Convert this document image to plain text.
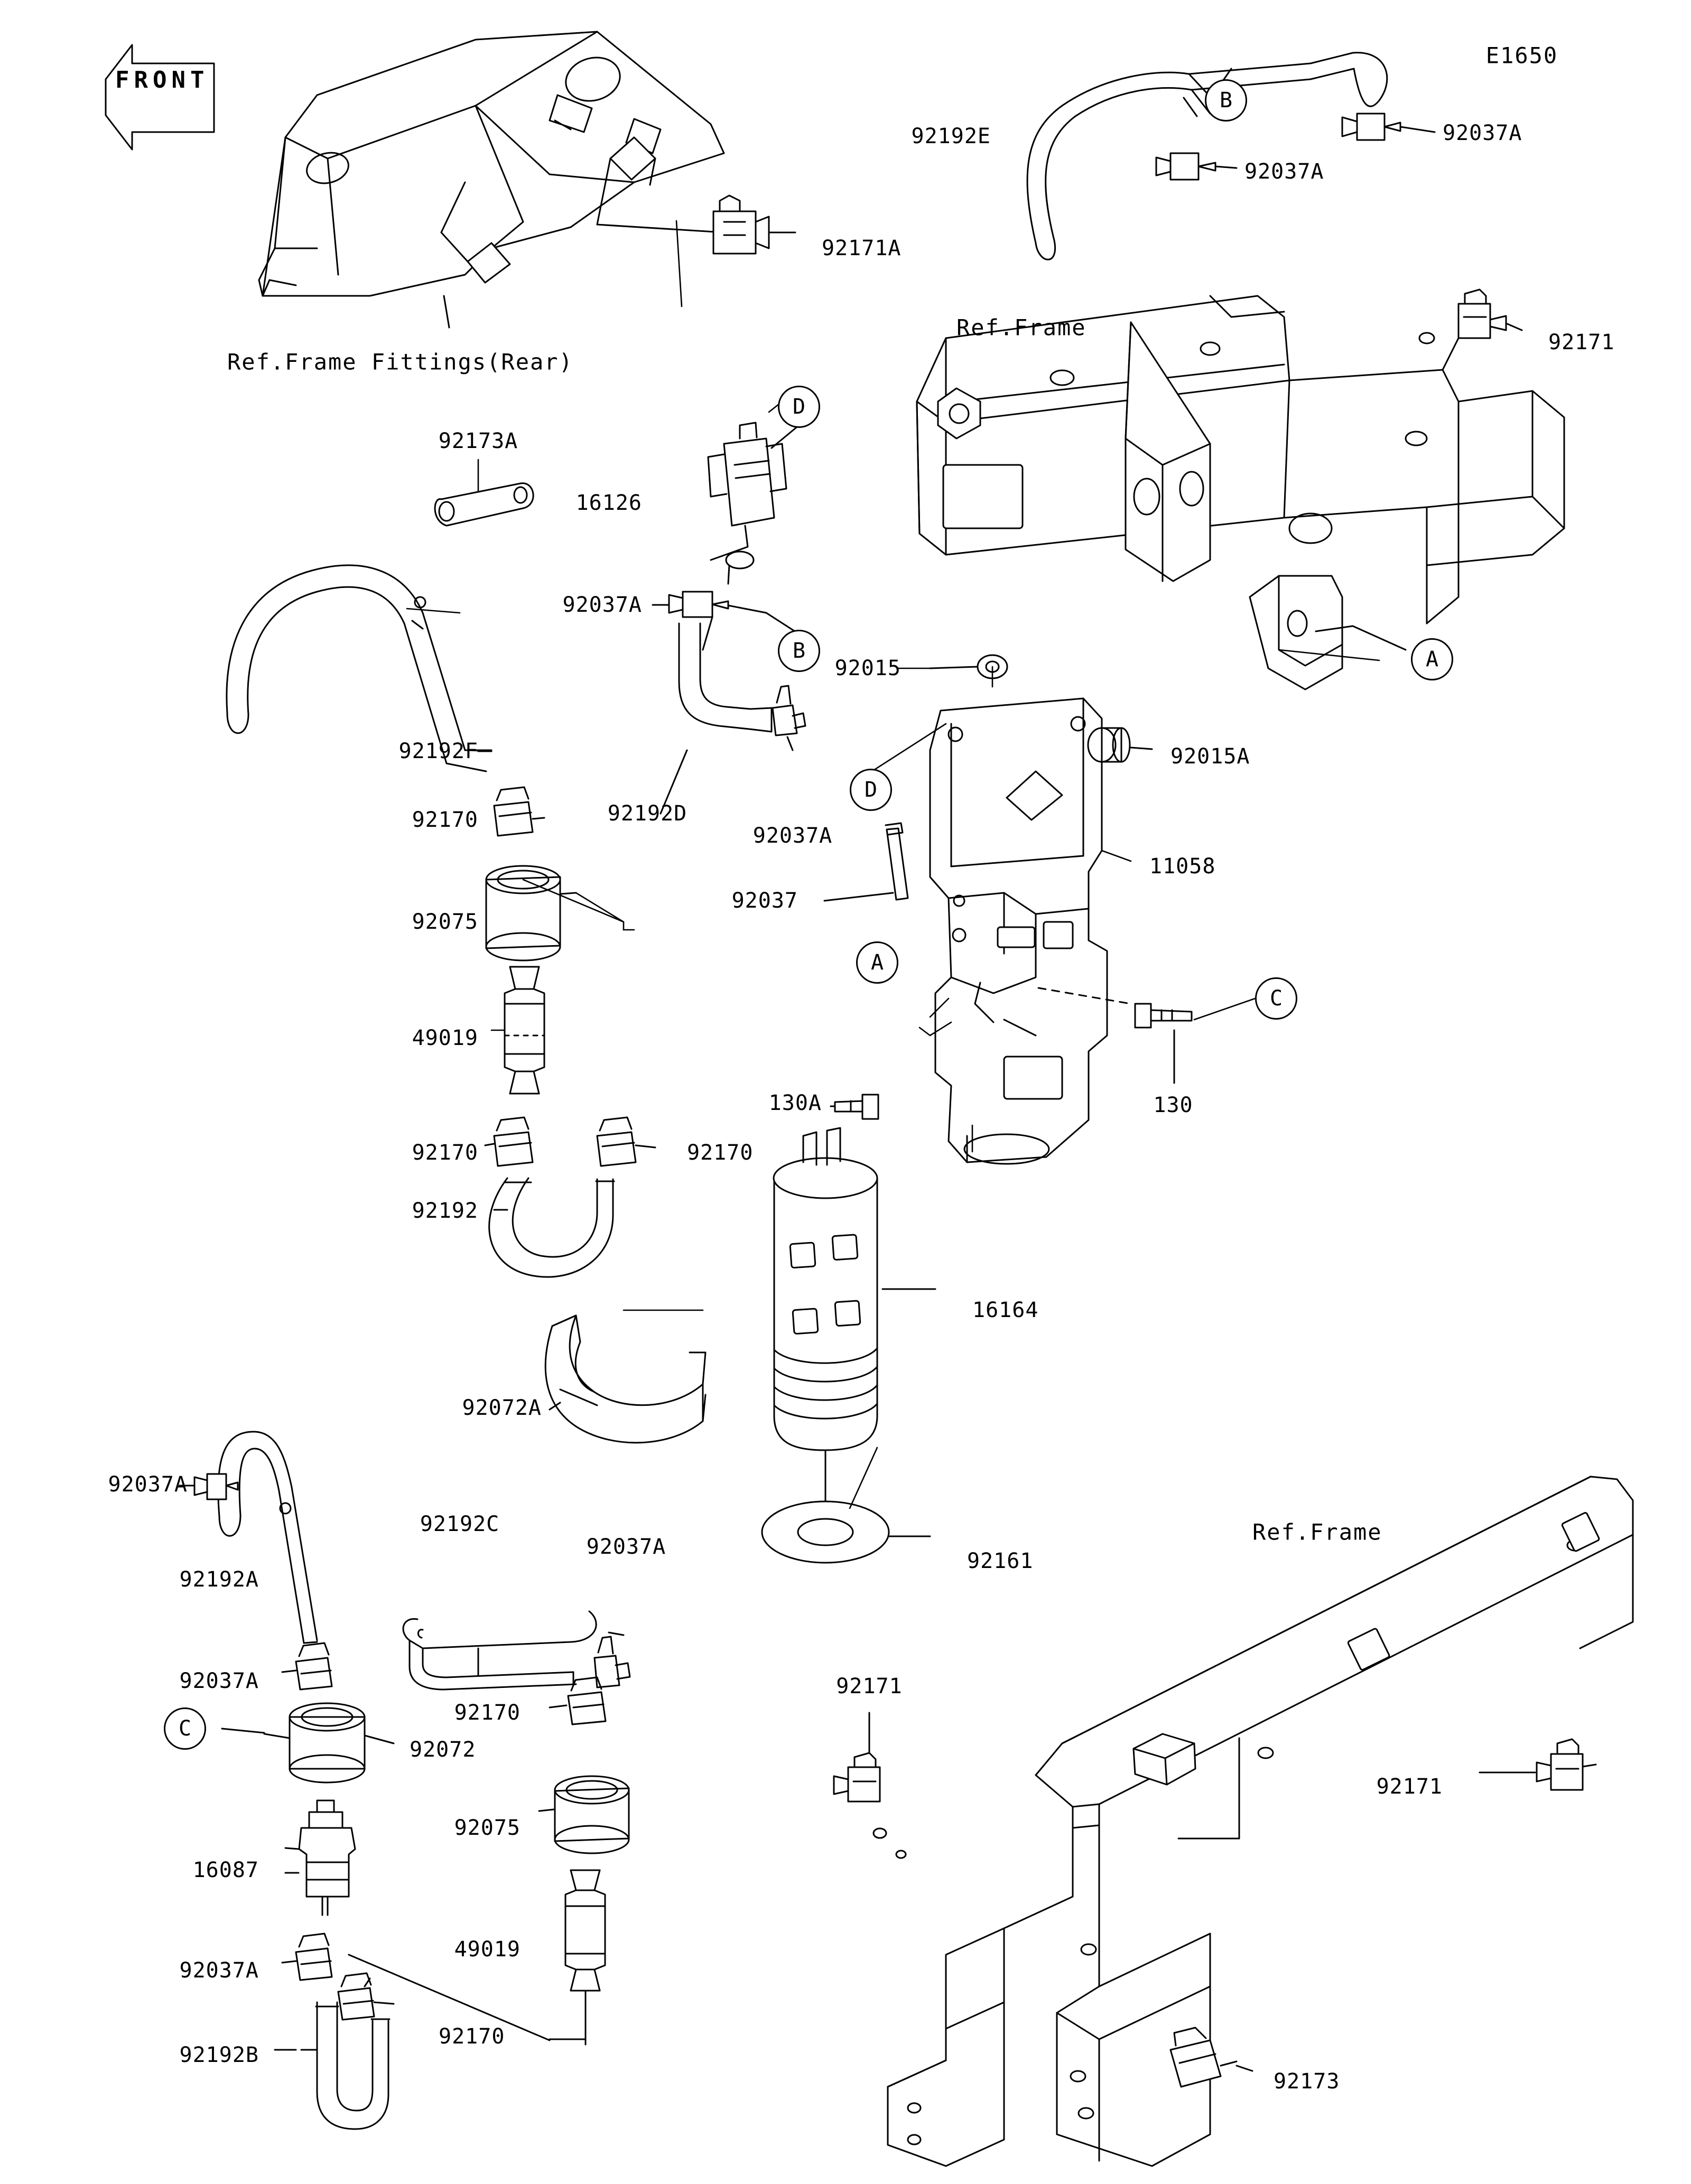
E1650
FRONT
Ref.Frame Fittings(Rear)
Ref.Frame
Ref.Frame
92171A
92192E	92037A
92037A
92171
92173A
16126
92037A
92015
92015A
92192F
92192D
92037A
92170
92075
11058
92037
49019
130A	130
92170	92170
92192
16164
92072A
92161
92037A
92192A
92192C
92037A
92037A
92170
92072
92075
16087
49019
92037A
92170
92192B
92171
92171
92173
D
B
B	A
D
A
C
C
